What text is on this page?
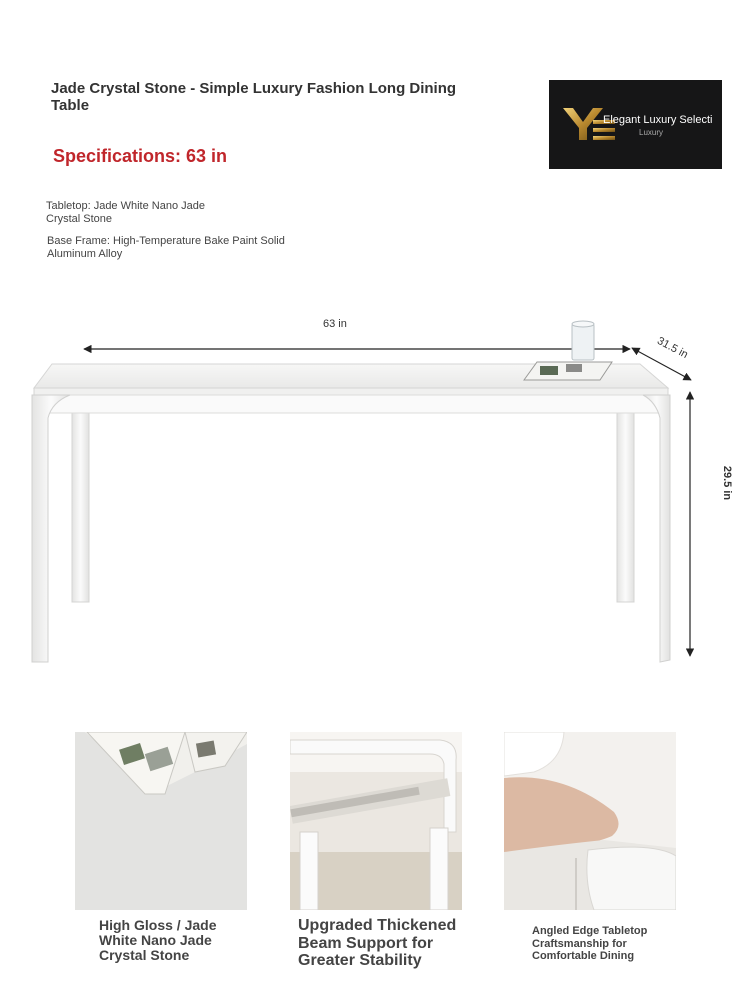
Jade Crystal Stone - Simple Luxury Fashion Long Dining Table
Specifications: 63 in
Tabletop: Jade White Nano Jade Crystal Stone
Base Frame: High-Temperature Bake Paint Solid Aluminum Alloy
Elegant Luxury Selecti
Luxury
63 in
31.5 in
29.5 in
High Gloss / Jade White Nano Jade Crystal Stone
Upgraded Thickened Beam Support for Greater Stability
Angled Edge Tabletop Craftsmanship for Comfortable Dining
